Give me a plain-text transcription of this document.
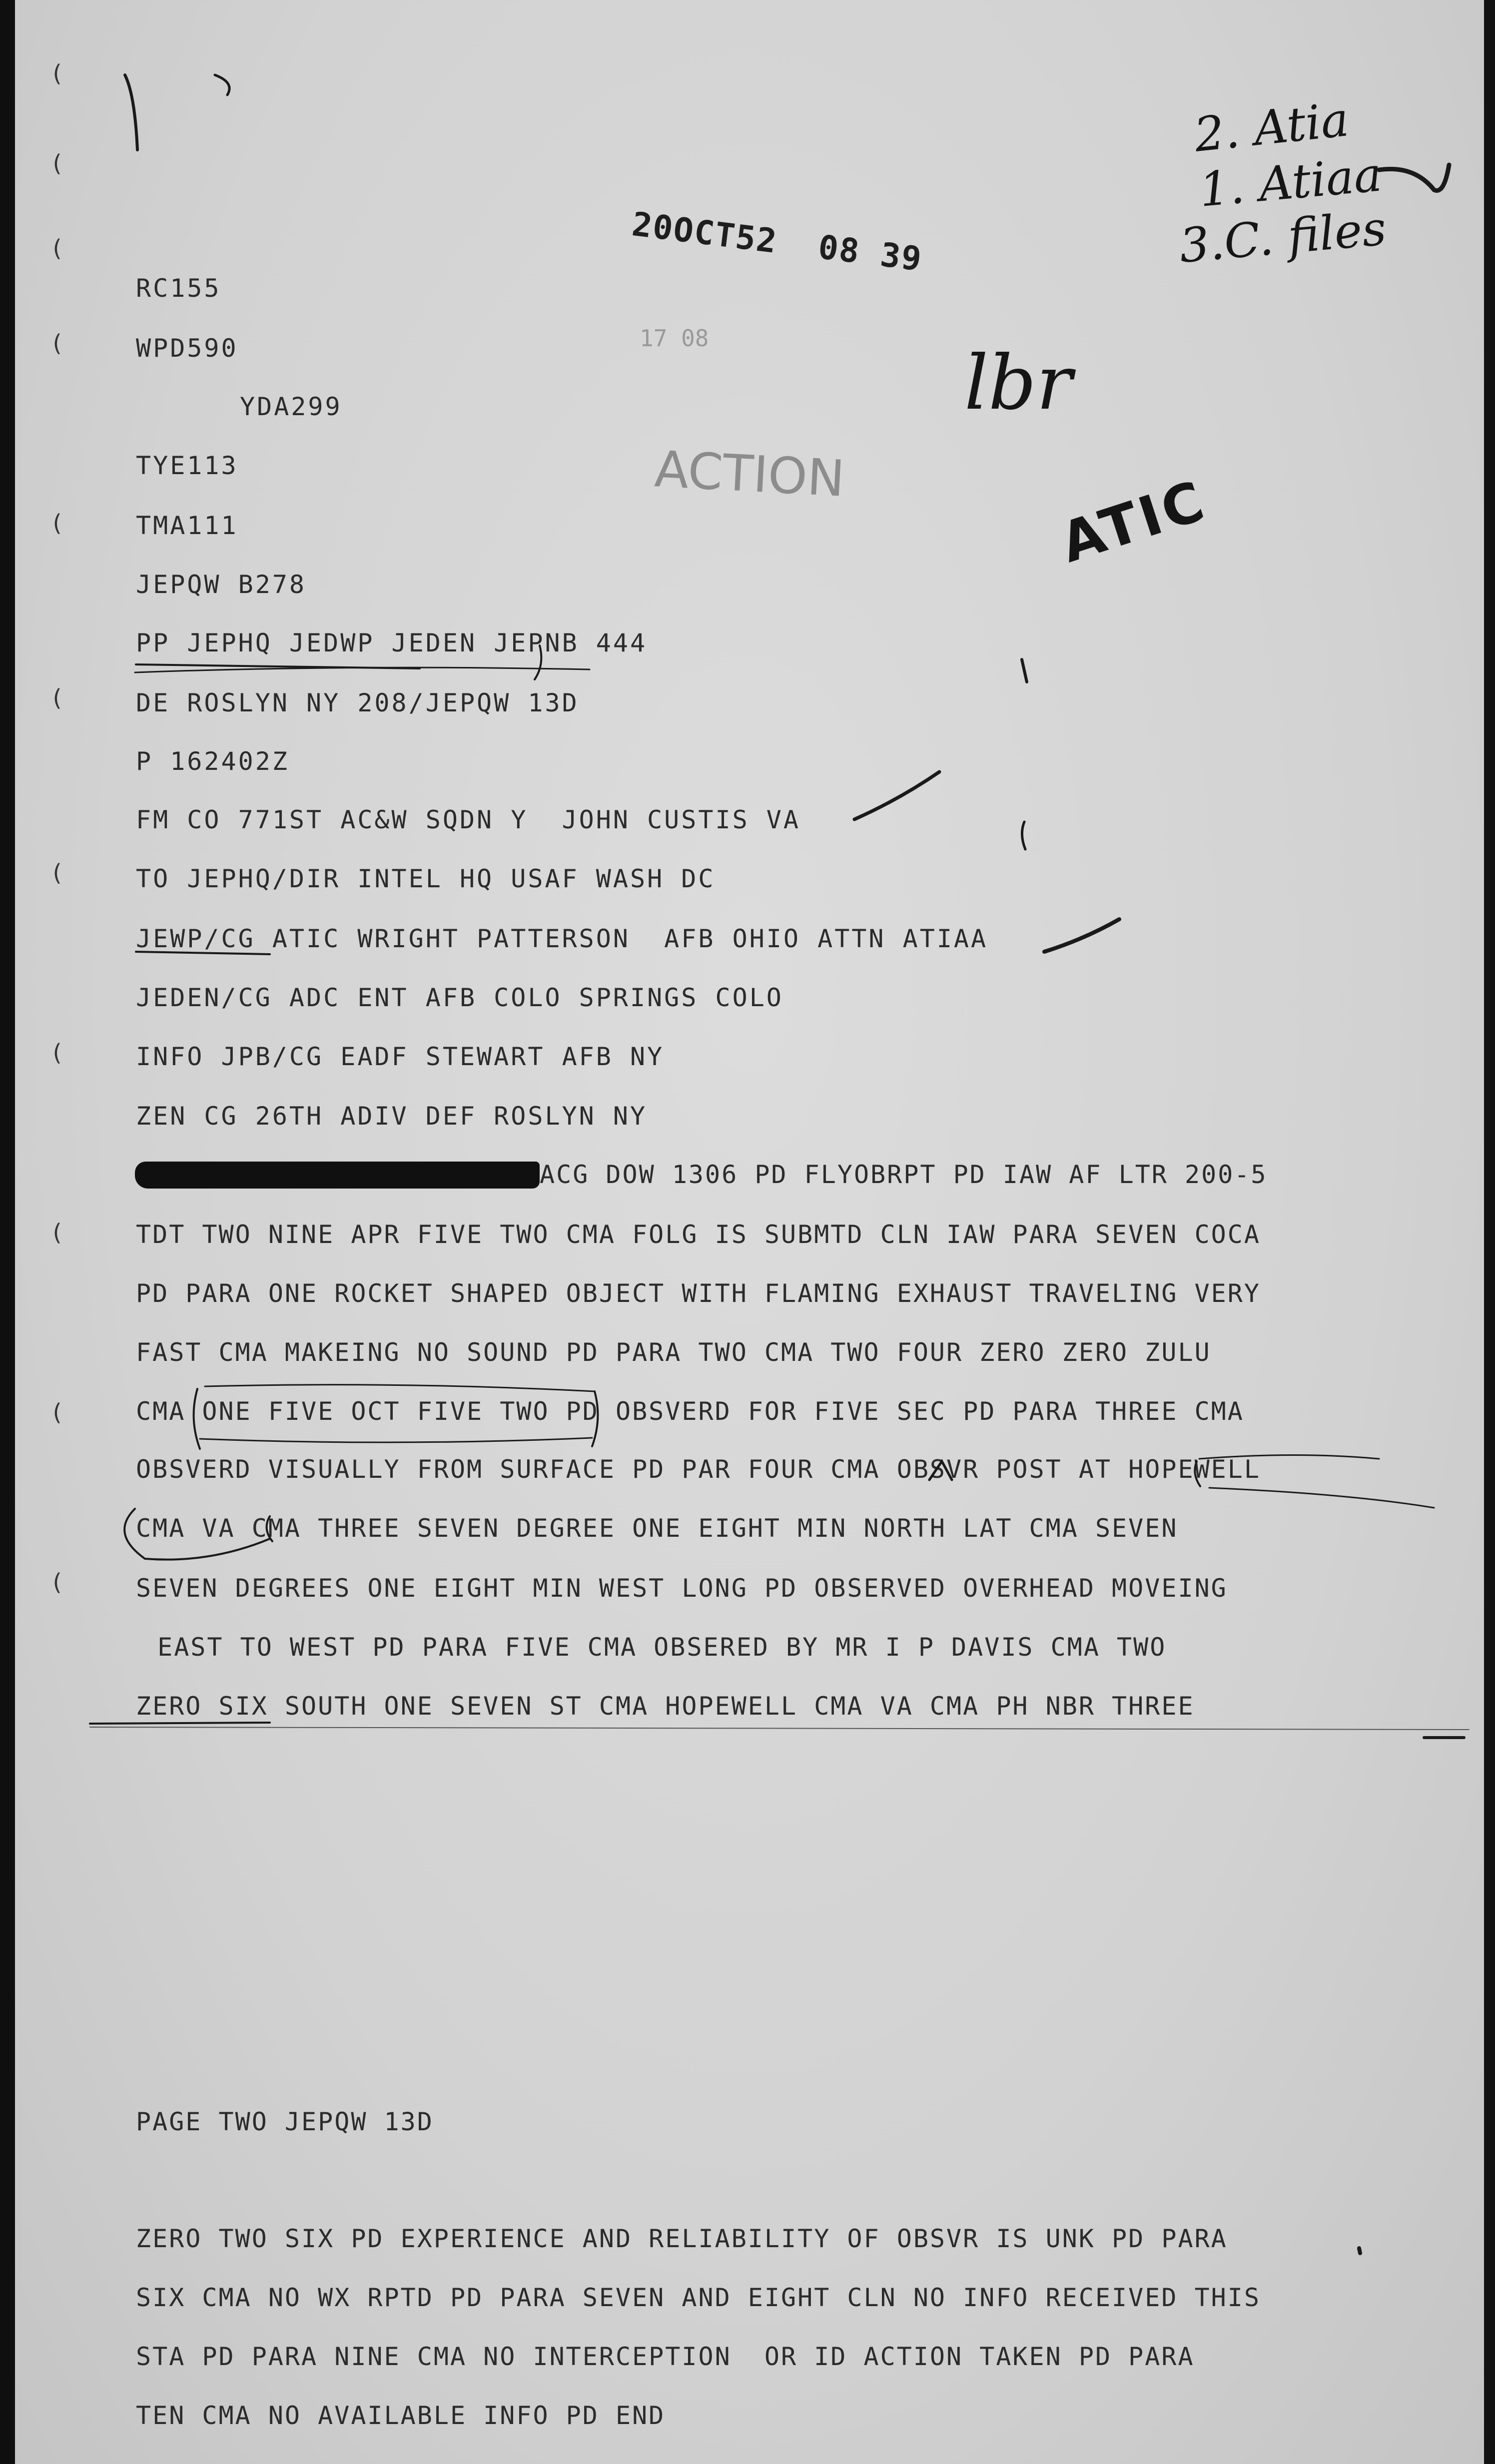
(
(
(
(
(
(
(
(
(
(
(
20OCT52  08 39
17 08
ACTION
2. Atia
1. Atiaa
3.C. files
lbr
ATIC
RC155
WPD590
YDA299
TYE113
TMA111
JEPQW B278
PP JEPHQ JEDWP JEDEN JEPNB 444
DE ROSLYN NY 208/JEPQW 13D
P 162402Z
FM CO 771ST AC&W SQDN Y  JOHN CUSTIS VA
TO JEPHQ/DIR INTEL HQ USAF WASH DC
JEWP/CG ATIC WRIGHT PATTERSON  AFB OHIO ATTN ATIAA
JEDEN/CG ADC ENT AFB COLO SPRINGS COLO
INFO JPB/CG EADF STEWART AFB NY
ZEN CG 26TH ADIV DEF ROSLYN NY
ACG DOW 1306 PD FLYOBRPT PD IAW AF LTR 200-5
TDT TWO NINE APR FIVE TWO CMA FOLG IS SUBMTD CLN IAW PARA SEVEN COCA
PD PARA ONE ROCKET SHAPED OBJECT WITH FLAMING EXHAUST TRAVELING VERY
FAST CMA MAKEING NO SOUND PD PARA TWO CMA TWO FOUR ZERO ZERO ZULU
CMA ONE FIVE OCT FIVE TWO PD OBSVERD FOR FIVE SEC PD PARA THREE CMA
OBSVERD VISUALLY FROM SURFACE PD PAR FOUR CMA OBSVR POST AT HOPEWELL
CMA VA CMA THREE SEVEN DEGREE ONE EIGHT MIN NORTH LAT CMA SEVEN
SEVEN DEGREES ONE EIGHT MIN WEST LONG PD OBSERVED OVERHEAD MOVEING
EAST TO WEST PD PARA FIVE CMA OBSERED BY MR I P DAVIS CMA TWO
ZERO SIX SOUTH ONE SEVEN ST CMA HOPEWELL CMA VA CMA PH NBR THREE
PAGE TWO JEPQW 13D
ZERO TWO SIX PD EXPERIENCE AND RELIABILITY OF OBSVR IS UNK PD PARA
SIX CMA NO WX RPTD PD PARA SEVEN AND EIGHT CLN NO INFO RECEIVED THIS
STA PD PARA NINE CMA NO INTERCEPTION  OR ID ACTION TAKEN PD PARA
TEN CMA NO AVAILABLE INFO PD END
